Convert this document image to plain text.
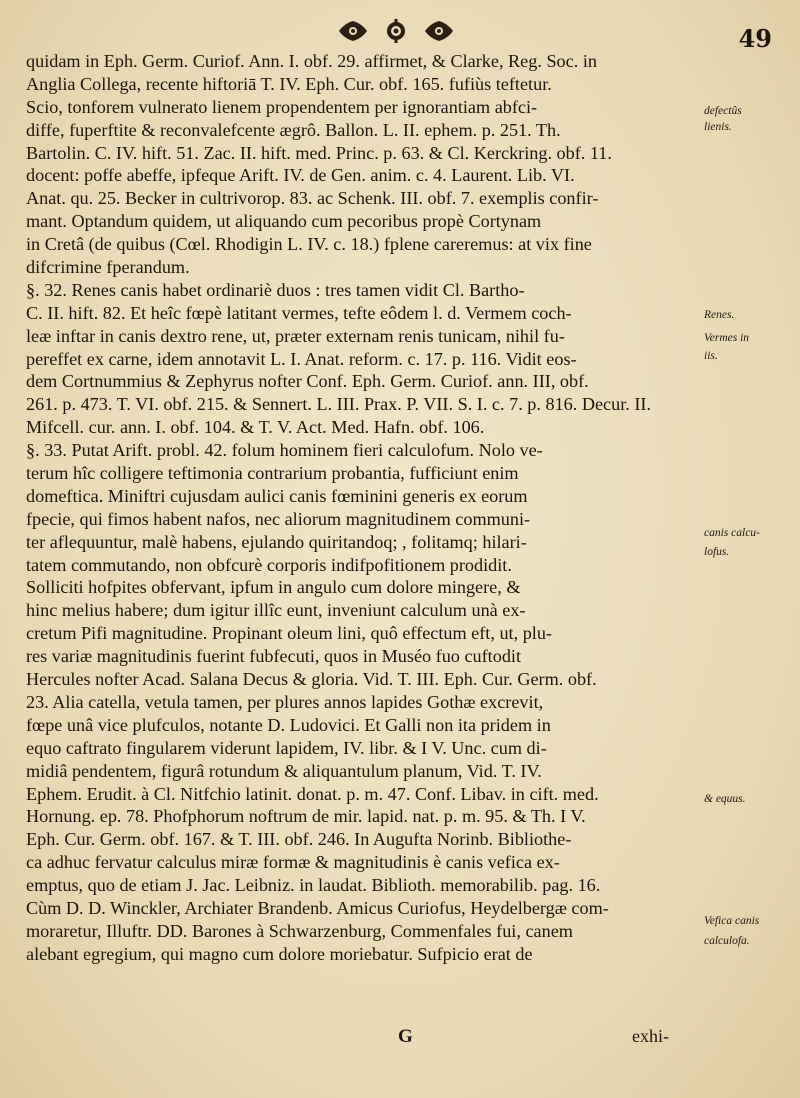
49
quidam in Eph. Germ. Curiof. Ann. I. obf. 29. affirmet, & Clarke, Reg. Soc. in
Anglia Collega, recente hiftoriā T. IV. Eph. Cur. obf. 165. fufiùs teftetur.
Scio, tonforem vulnerato lienem propendentem per ignorantiam abfci-
diffe, fuperftite & reconvalefcente ægrô. Ballon. L. II. ephem. p. 251. Th.
Bartolin. C. IV. hift. 51. Zac. II. hift. med. Princ. p. 63. & Cl. Kerckring. obf. 11.
docent: poffe abeffe, ipfeque Arift. IV. de Gen. anim. c. 4. Laurent. Lib. VI.
Anat. qu. 25. Becker in cultrivorop. 83. ac Schenk. III. obf. 7. exemplis confir-
mant. Optandum quidem, ut aliquando cum pecoribus propè Cortynam
in Cretâ (de quibus (Cœl. Rhodigin L. IV. c. 18.) fplene careremus: at vix fine
difcrimine fperandum.
§. 32. Renes canis habet ordinariè duos : tres tamen vidit Cl. Bartho-
C. II. hift. 82. Et heîc fœpè latitant vermes, tefte eôdem l. d. Vermem coch-
leæ inftar in canis dextro rene, ut, præter externam renis tunicam, nihil fu-
pereffet ex carne, idem annotavit L. I. Anat. reform. c. 17. p. 116. Vidit eos-
dem Cortnummius & Zephyrus nofter Conf. Eph. Germ. Curiof. ann. III, obf.
261. p. 473. T. VI. obf. 215. & Sennert. L. III. Prax. P. VII. S. I. c. 7. p. 816. Decur. II.
Mifcell. cur. ann. I. obf. 104. & T. V. Act. Med. Hafn. obf. 106.
§. 33. Putat Arift. probl. 42. folum hominem fieri calculofum. Nolo ve-
terum hîc colligere teftimonia contrarium probantia, fufficiunt enim
domeftica. Miniftri cujusdam aulici canis fœminini generis ex eorum
fpecie, qui fimos habent nafos, nec aliorum magnitudinem communi-
ter aflequuntur, malè habens, ejulando quiritandoq; , folitamq; hilari-
tatem commutando, non obfcurè corporis indifpofitionem prodidit.
Solliciti hofpites obfervant, ipfum in angulo cum dolore mingere, &
hinc melius habere; dum igitur illîc eunt, inveniunt calculum unà ex-
cretum Pifi magnitudine. Propinant oleum lini, quô effectum eft, ut, plu-
res variæ magnitudinis fuerint fubfecuti, quos in Muséo fuo cuftodit
Hercules nofter Acad. Salana Decus & gloria. Vid. T. III. Eph. Cur. Germ. obf.
23. Alia catella, vetula tamen, per plures annos lapides Gothæ excrevit,
fœpe unâ vice plufculos, notante D. Ludovici. Et Galli non ita pridem in
equo caftrato fingularem viderunt lapidem, IV. libr. & I V. Unc. cum di-
midiâ pendentem, figurâ rotundum & aliquantulum planum, Vid. T. IV.
Ephem. Erudit. à Cl. Nitfchio latinit. donat. p. m. 47. Conf. Libav. in cift. med.
Hornung. ep. 78. Phofphorum noftrum de mir. lapid. nat. p. m. 95. & Th. I V.
Eph. Cur. Germ. obf. 167. & T. III. obf. 246. In Augufta Norinb. Bibliothe-
ca adhuc fervatur calculus miræ formæ & magnitudinis è canis vefica ex-
emptus, quo de etiam J. Jac. Leibniz. in laudat. Biblioth. memorabilib. pag. 16.
Cùm D. D. Winckler, Archiater Brandenb. Amicus Curiofus, Heydelbergæ com-
moraretur, Illuftr. DD. Barones à Schwarzenburg, Commenfales fui, canem
alebant egregium, qui magno cum dolore moriebatur. Sufpicio erat de
defectûs
lienis.
Renes.
Vermes in
iis.
canis calcu-
lofus.
& equus.
Vefica canis
calculofa.
G	exhi-
